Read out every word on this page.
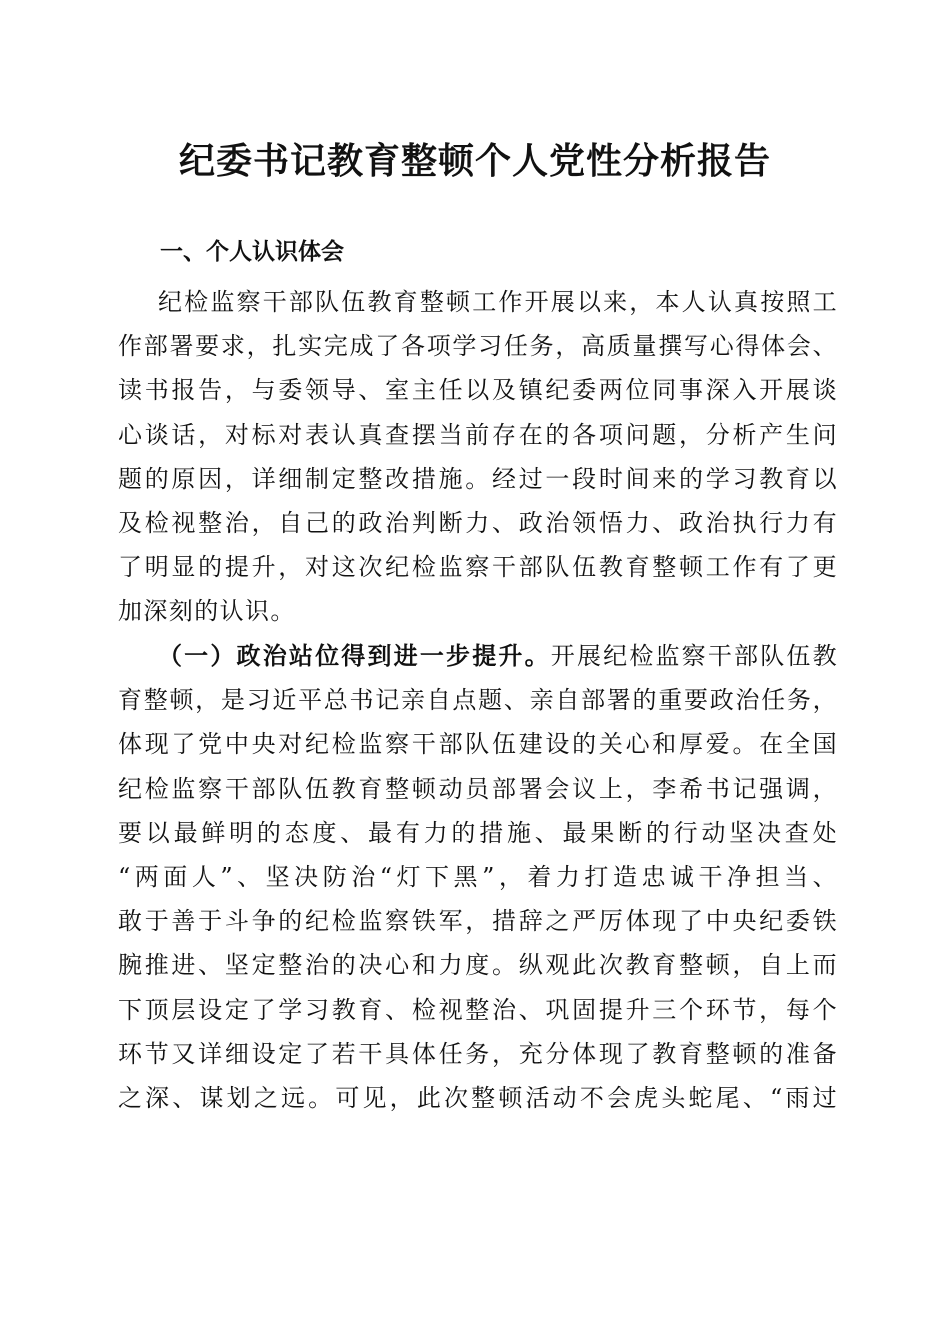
纪委书记教育整顿个人党性分析报告
一、个人认识体会
纪检监察干部队伍教育整顿工作开展以来，本人认真按照工
作部署要求，扎实完成了各项学习任务，高质量撰写心得体会、
读书报告，与委领导、室主任以及镇纪委两位同事深入开展谈
心谈话，对标对表认真查摆当前存在的各项问题，分析产生问
题的原因，详细制定整改措施。经过一段时间来的学习教育以
及检视整治，自己的政治判断力、政治领悟力、政治执行力有
了明显的提升，对这次纪检监察干部队伍教育整顿工作有了更
加深刻的认识。
（一）政治站位得到进一步提升。开展纪检监察干部队伍教
育整顿，是习近平总书记亲自点题、亲自部署的重要政治任务，
体现了党中央对纪检监察干部队伍建设的关心和厚爱。在全国
纪检监察干部队伍教育整顿动员部署会议上，李希书记强调，
要以最鲜明的态度、最有力的措施、最果断的行动坚决查处
“两面人”、坚决防治“灯下黑”，着力打造忠诚干净担当、
敢于善于斗争的纪检监察铁军，措辞之严厉体现了中央纪委铁
腕推进、坚定整治的决心和力度。纵观此次教育整顿，自上而
下顶层设定了学习教育、检视整治、巩固提升三个环节，每个
环节又详细设定了若干具体任务，充分体现了教育整顿的准备
之深、谋划之远。可见，此次整顿活动不会虎头蛇尾、“雨过
